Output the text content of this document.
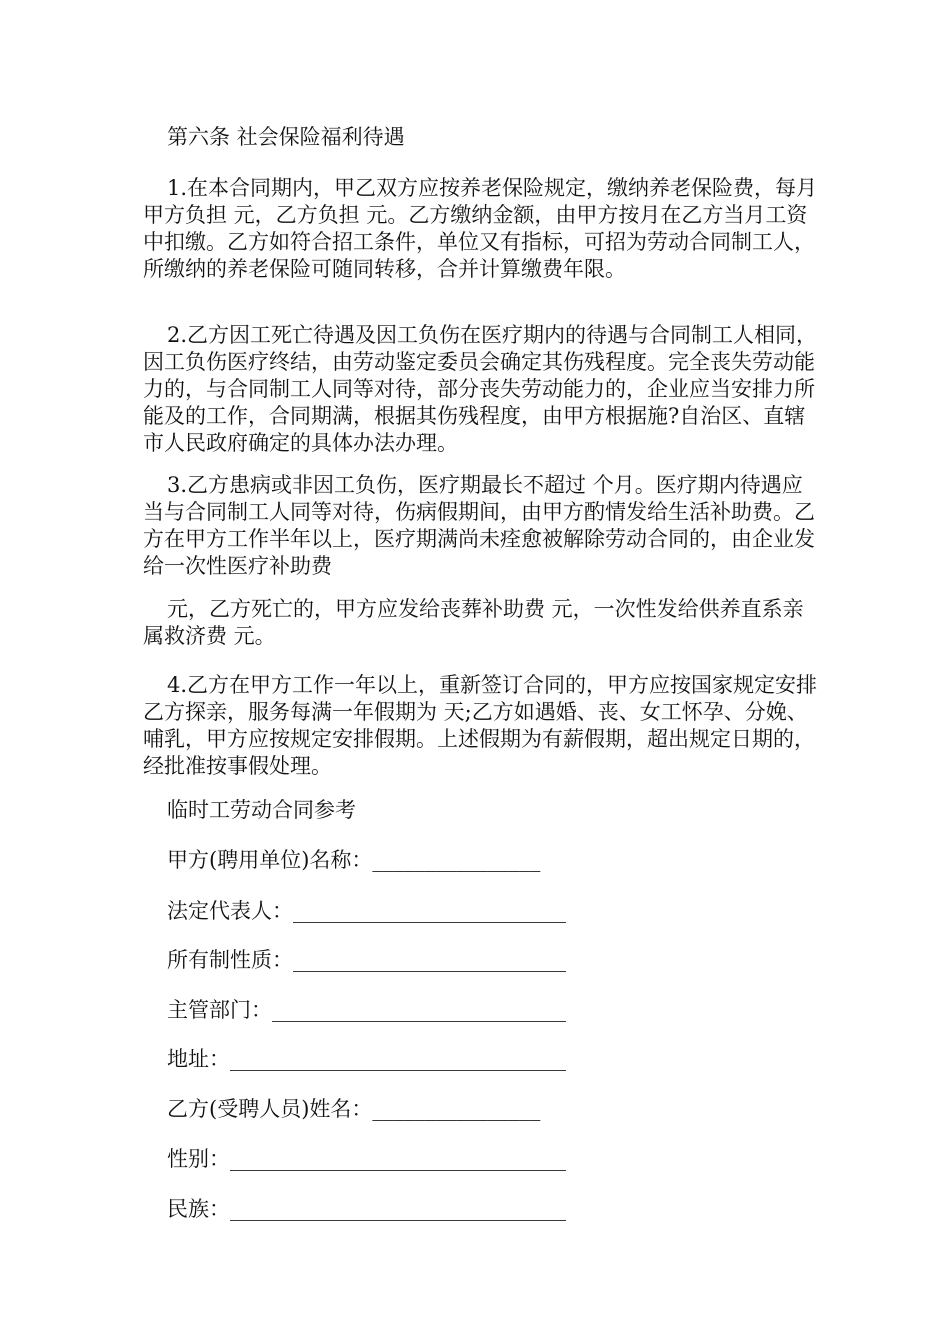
第六条 社会保险福利待遇

1.在本合同期内，甲乙双方应按养老保险规定，缴纳养老保险费，每月甲方负担 元，乙方负担 元。乙方缴纳金额，由甲方按月在乙方当月工资中扣缴。乙方如符合招工条件，单位又有指标，可招为劳动合同制工人，所缴纳的养老保险可随同转移，合并计算缴费年限。

2.乙方因工死亡待遇及因工负伤在医疗期内的待遇与合同制工人相同，因工负伤医疗终结，由劳动鉴定委员会确定其伤残程度。完全丧失劳动能力的，与合同制工人同等对待，部分丧失劳动能力的，企业应当安排力所能及的工作，合同期满，根据其伤残程度，由甲方根据施?自治区、直辖市人民政府确定的具体办法办理。

3.乙方患病或非因工负伤，医疗期最长不超过 个月。医疗期内待遇应当与合同制工人同等对待，伤病假期间，由甲方酌情发给生活补助费。乙方在甲方工作半年以上，医疗期满尚未痊愈被解除劳动合同的，由企业发给一次性医疗补助费

元，乙方死亡的，甲方应发给丧葬补助费 元，一次性发给供养直系亲属救济费 元。

4.乙方在甲方工作一年以上，重新签订合同的，甲方应按国家规定安排乙方探亲，服务每满一年假期为 天;乙方如遇婚、丧、女工怀孕、分娩、哺乳，甲方应按规定安排假期。上述假期为有薪假期，超出规定日期的，经批准按事假处理。

临时工劳动合同参考
甲方(聘用单位)名称：________________
法定代表人：__________________________
所有制性质：__________________________
主管部门：____________________________
地址：________________________________
乙方(受聘人员)姓名：________________
性别：________________________________
民族：________________________________
